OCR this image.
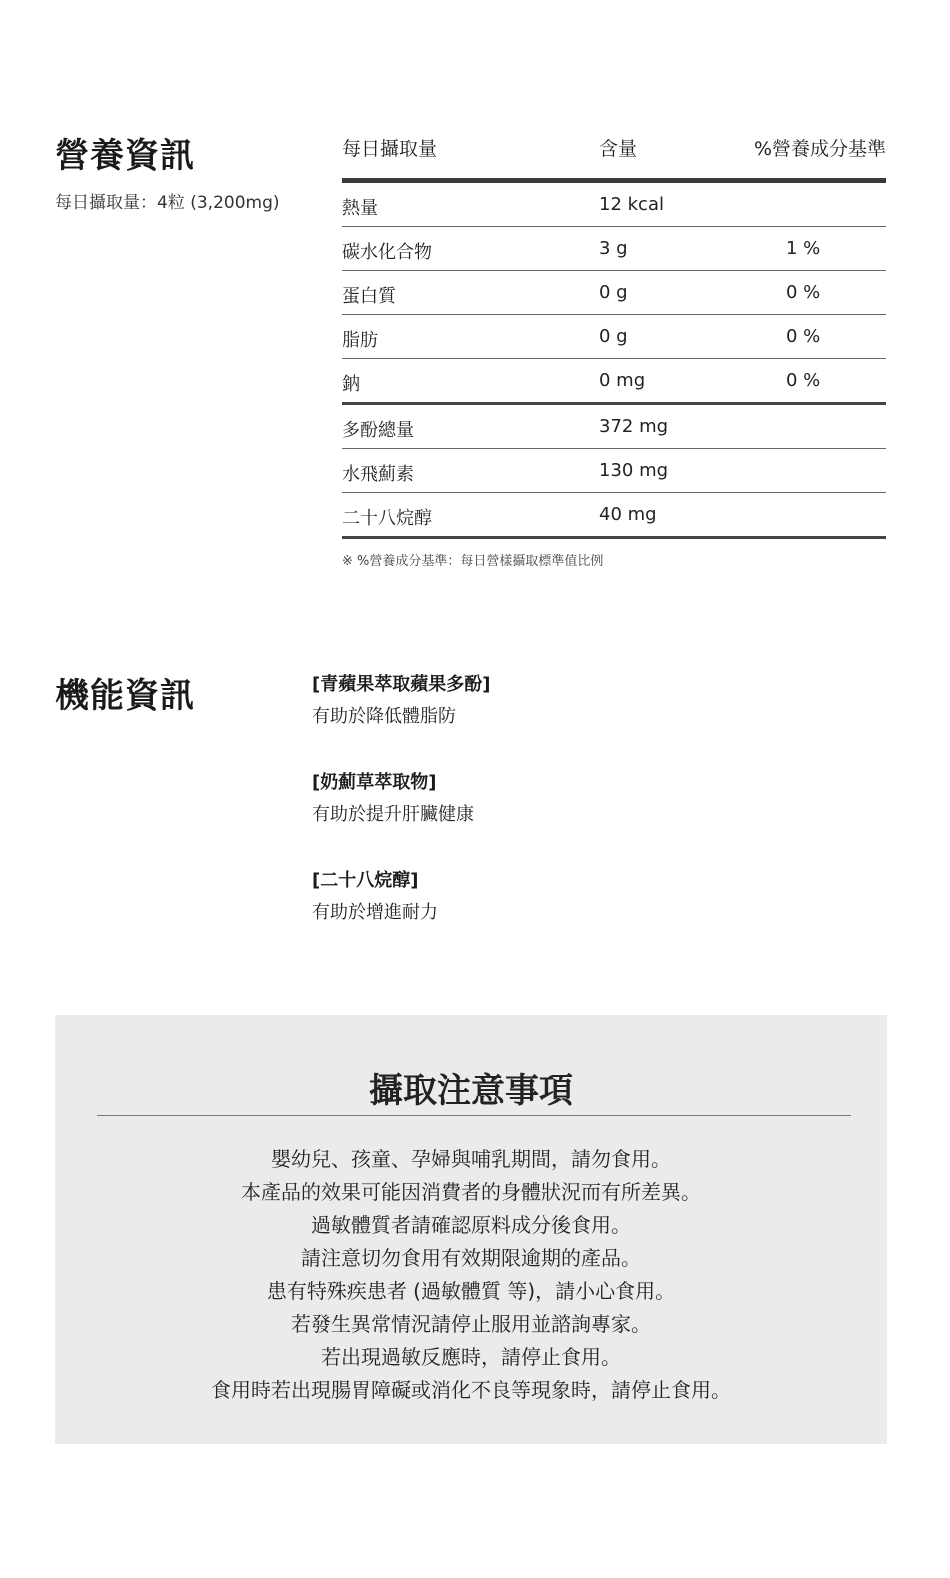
營養資訊
每日攝取量：4粒 (3,200mg)
每日攝取量	含量	%營養成分基準
熱量	12 kcal
碳水化合物	3 g	1 %
蛋白質	0 g	0 %
脂肪	0 g	0 %
鈉	0 mg	0 %
多酚總量	372 mg
水飛薊素	130 mg
二十八烷醇	40 mg
※ %營養成分基準：每日營樣攝取標準值比例
機能資訊	[青蘋果萃取蘋果多酚]
有助於降低體脂防
[奶薊草萃取物]
有助於提升肝臟健康
[二十八烷醇]
有助於增進耐力
攝取注意事項
嬰幼兒、孩童、孕婦與哺乳期間，請勿食用。
本產品的效果可能因消費者的身體狀況而有所差異。
過敏體質者請確認原料成分後食用。
請注意切勿食用有效期限逾期的產品。
患有特殊疾患者 (過敏體質 等)，請小心食用。
若發生異常情況請停止服用並諮詢專家。
若出現過敏反應時，請停止食用。
食用時若出現腸胃障礙或消化不良等現象時，請停止食用。
